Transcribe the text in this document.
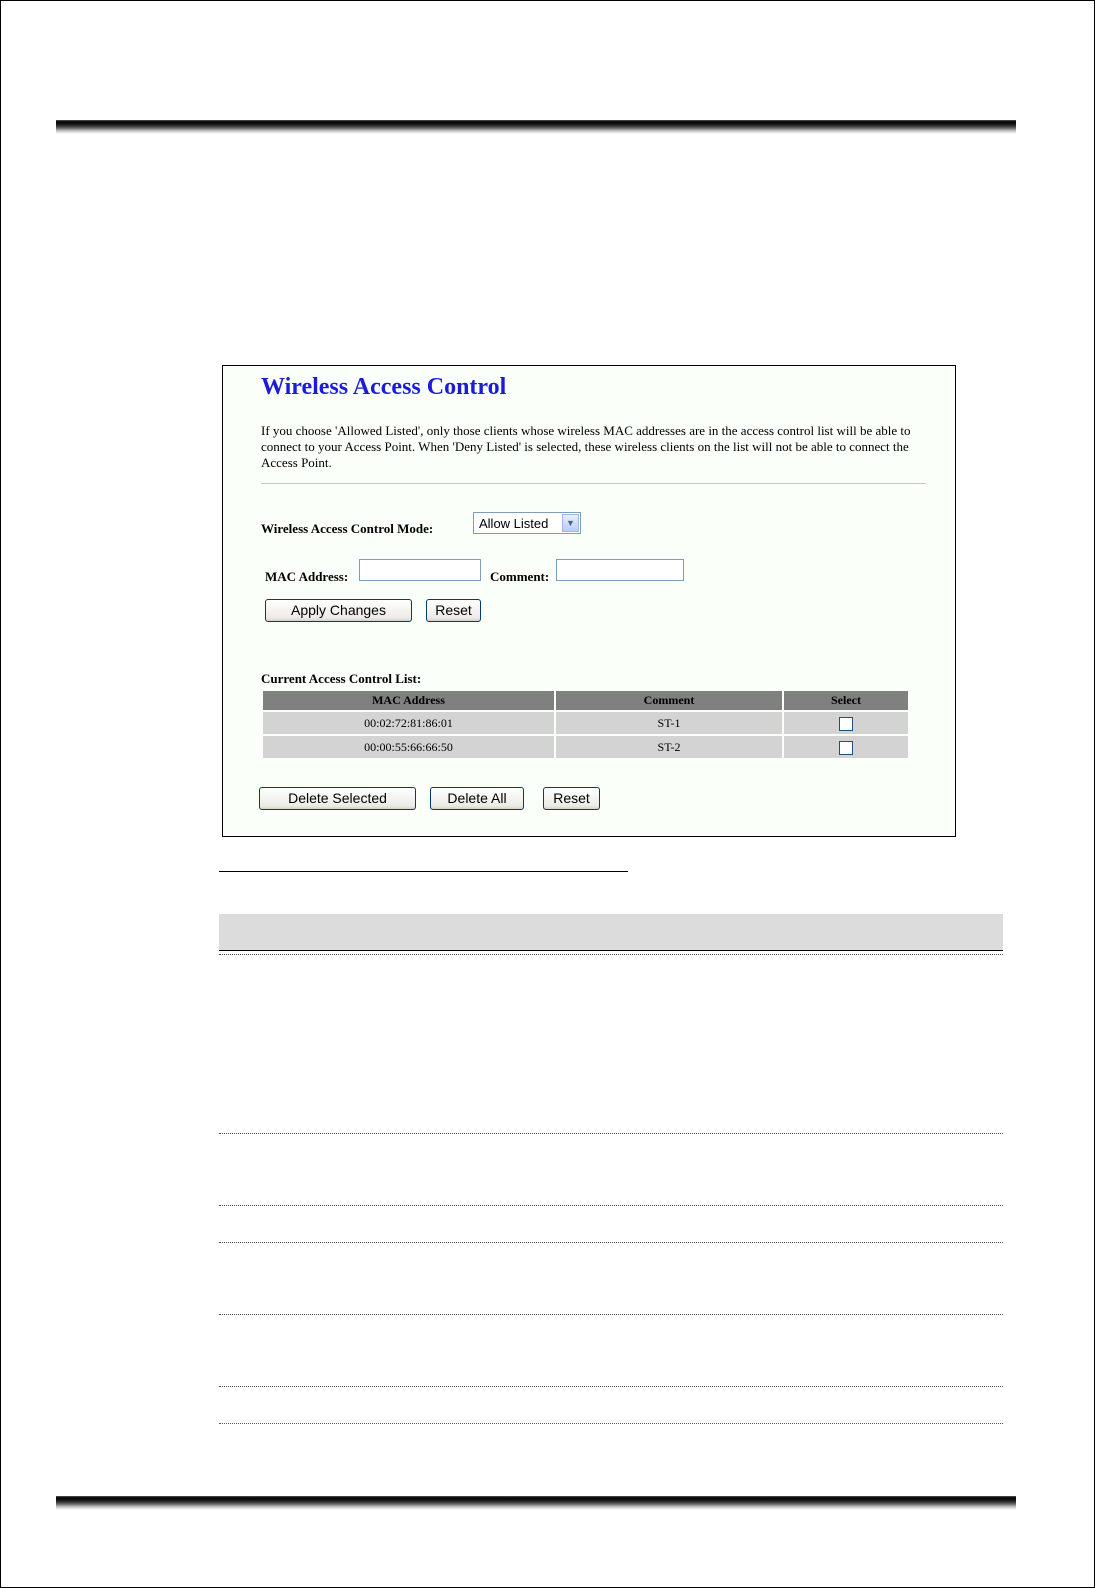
Wireless Access Control

If you choose 'Allowed Listed', only those clients whose wireless MAC addresses are in the access control list will be able to connect to your Access Point. When 'Deny Listed' is selected, these wireless clients on the list will not be able to connect the Access Point.

Wireless Access Control Mode:	Allow Listed	▼
MAC Address:	Comment:
Apply Changes	Reset
Current Access Control List:
MAC Address	Comment	Select
00:02:72:81:86:01	ST-1	
00:00:55:66:66:50	ST-2	
Delete Selected	Delete All	Reset
